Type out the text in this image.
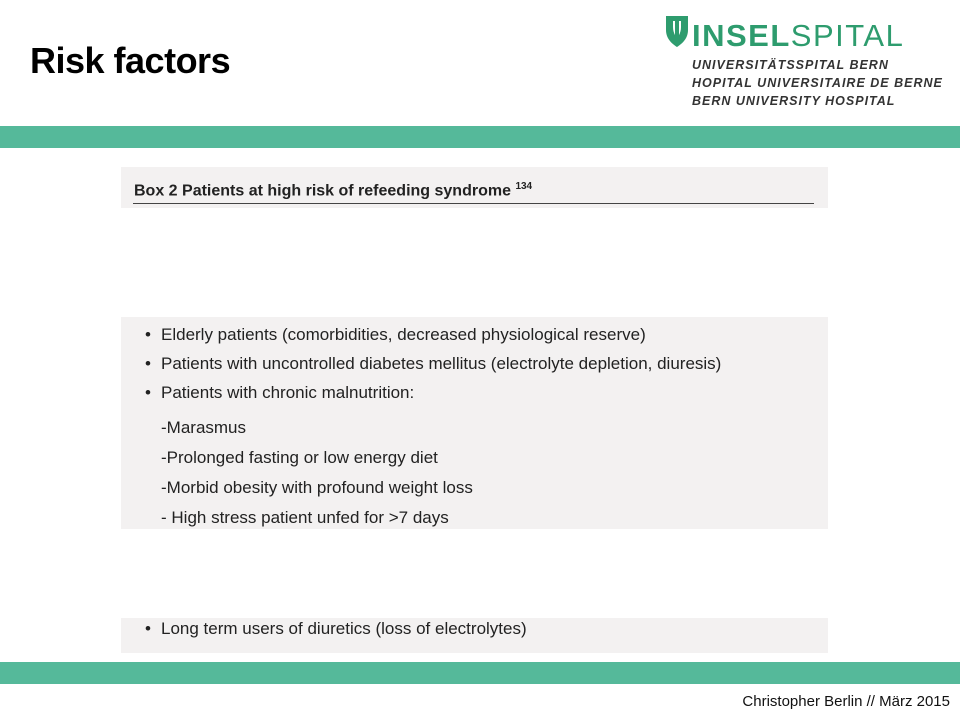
Risk factors
INSELSPITAL
UNIVERSITÄTSSPITAL BERN
HOPITAL UNIVERSITAIRE DE BERNE
BERN UNIVERSITY HOSPITAL
Box 2 Patients at high risk of refeeding syndrome $^{134}$
• Elderly patients (comorbidities, decreased physiological reserve)
• Patients with uncontrolled diabetes mellitus (electrolyte depletion, diuresis)
• Patients with chronic malnutrition:
-Marasmus
-Prolonged fasting or low energy diet
-Morbid obesity with profound weight loss
- High stress patient unfed for >7 days
• Long term users of diuretics (loss of electrolytes)
Christopher Berlin // März 2015
